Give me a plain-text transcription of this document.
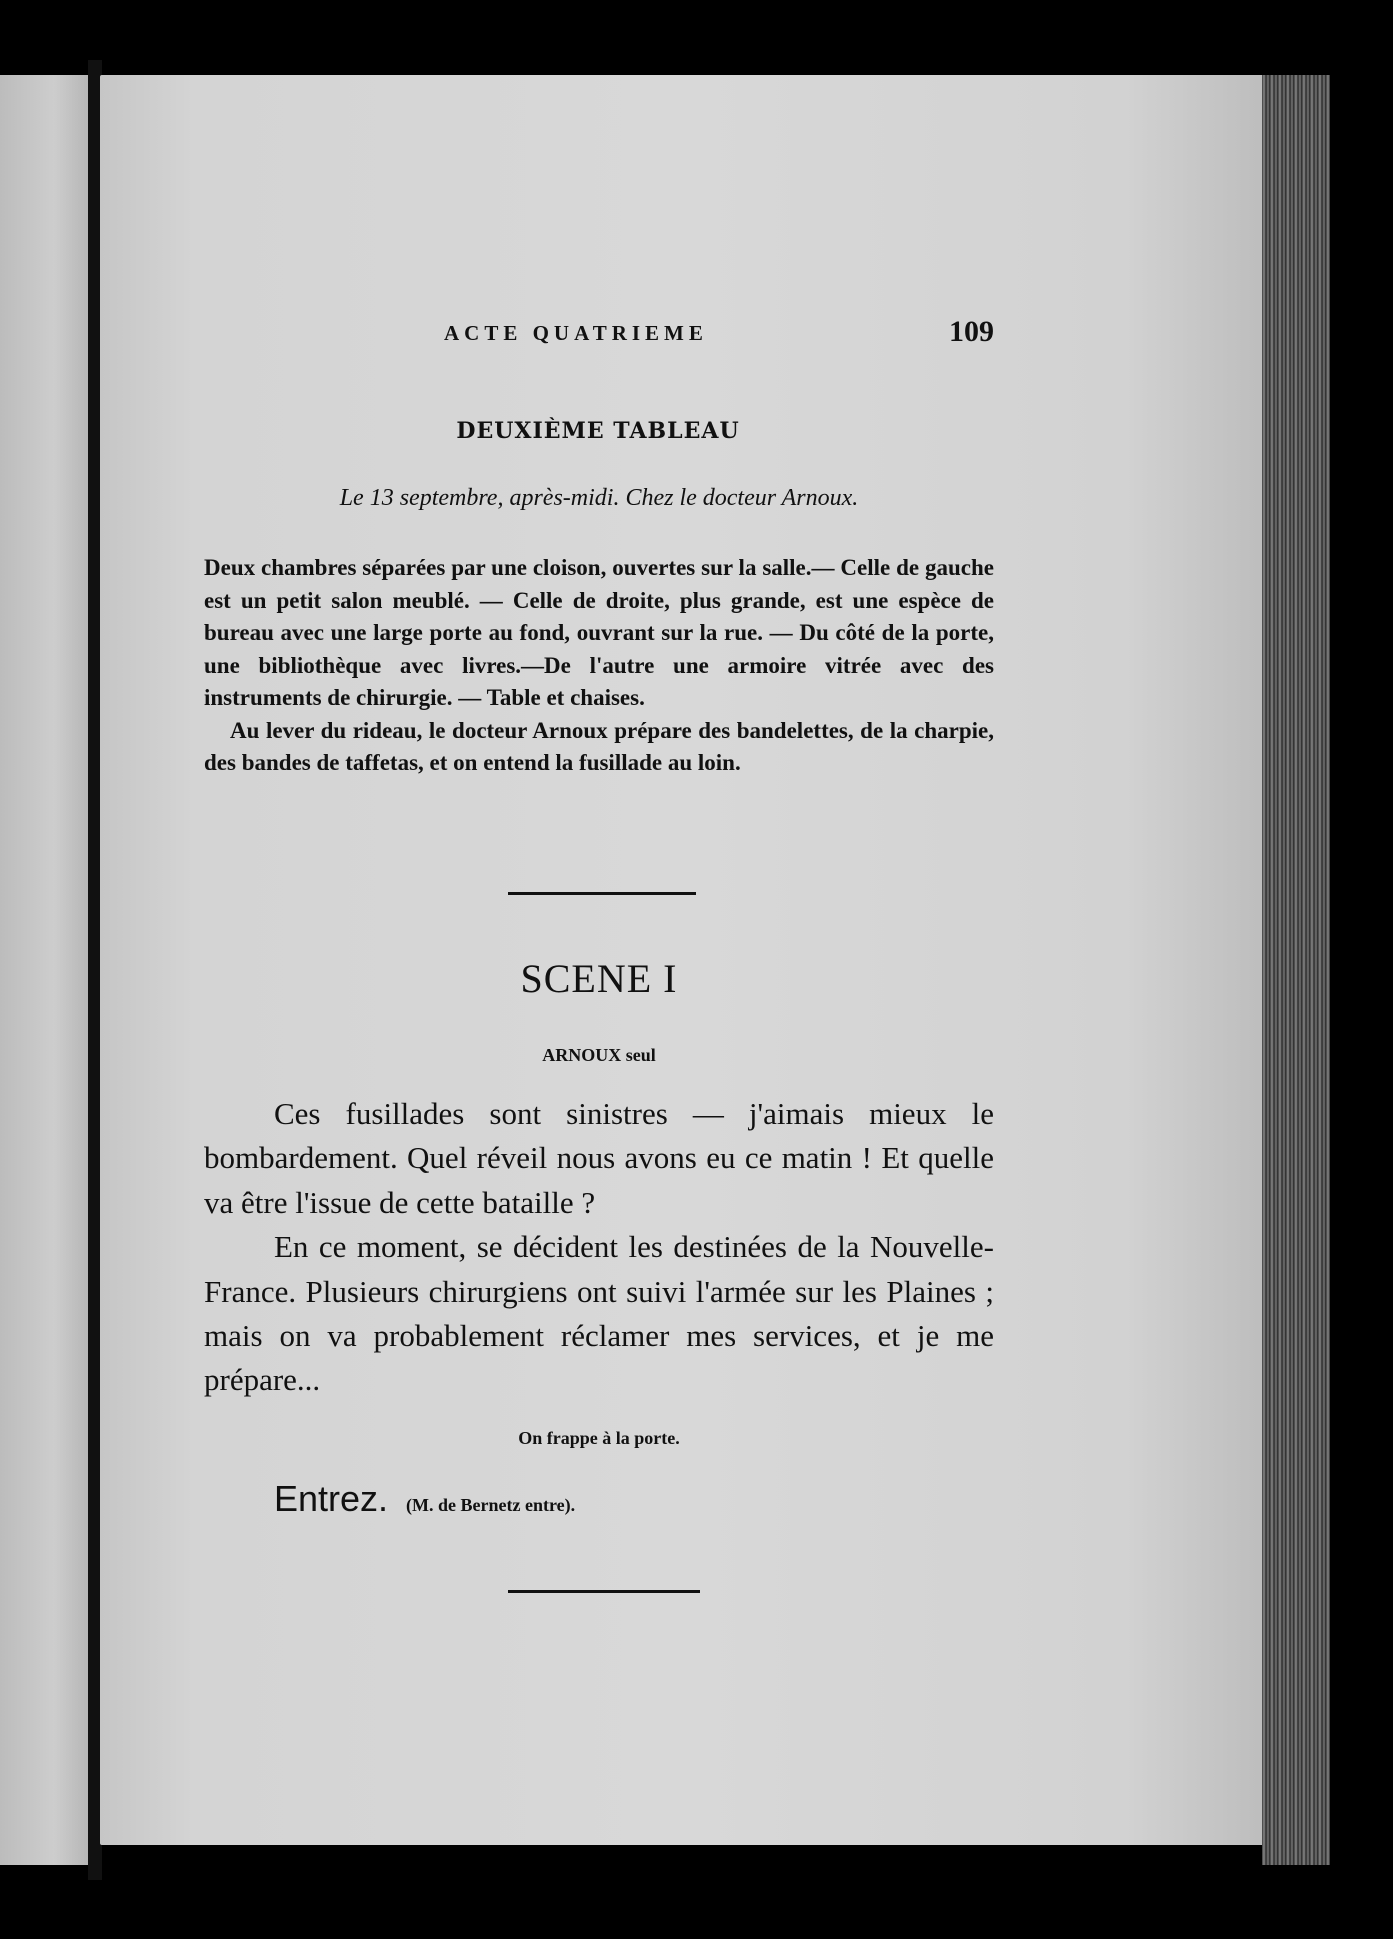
ACTE QUATRIEME	109
DEUXIÈME TABLEAU
Le 13 septembre, après-midi. Chez le docteur Arnoux.

Deux chambres séparées par une cloison, ouvertes sur la salle.— Celle de gauche est un petit salon meublé. — Celle de droite, plus grande, est une espèce de bureau avec une large porte au fond, ouvrant sur la rue. — Du côté de la porte, une bibliothèque avec livres.—De l'autre une armoire vitrée avec des instruments de chirurgie. — Table et chaises.

Au lever du rideau, le docteur Arnoux prépare des bandelettes, de la charpie, des bandes de taffetas, et on entend la fusillade au loin.

SCENE I
ARNOUX seul

Ces fusillades sont sinistres — j'aimais mieux le bombardement. Quel réveil nous avons eu ce matin ! Et quelle va être l'issue de cette bataille ?

En ce moment, se décident les destinées de la Nouvelle-France. Plusieurs chirurgiens ont suivi l'armée sur les Plaines ; mais on va probablement réclamer mes services, et je me prépare...

On frappe à la porte.
Entrez. (M. de Bernetz entre).
